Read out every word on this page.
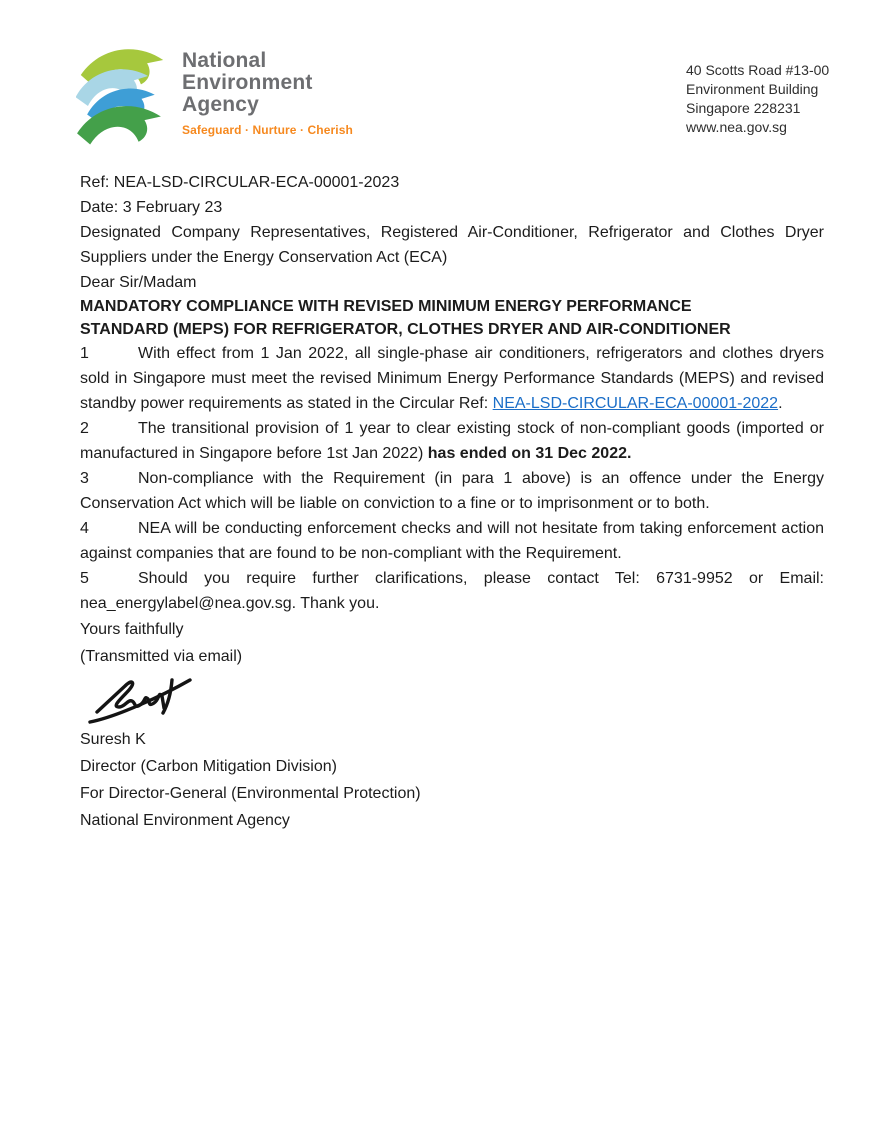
National
Environment
Agency
Safeguard · Nurture · Cherish
40 Scotts Road #13-00
Environment Building
Singapore 228231
www.nea.gov.sg

Ref: NEA-LSD-CIRCULAR-ECA-00001-2023

Date: 3 February 23

Designated Company Representatives, Registered Air-Conditioner, Refrigerator and Clothes Dryer Suppliers under the Energy Conservation Act (ECA)

Dear Sir/Madam

MANDATORY COMPLIANCE WITH REVISED MINIMUM ENERGY PERFORMANCE
STANDARD (MEPS) FOR REFRIGERATOR, CLOTHES DRYER AND AIR-CONDITIONER

1	With effect from 1 Jan 2022, all single-phase air conditioners, refrigerators and clothes dryers sold in Singapore must meet the revised Minimum Energy Performance Standards (MEPS) and revised standby power requirements as stated in the Circular Ref: NEA-LSD-CIRCULAR-ECA-00001-2022.

2	The transitional provision of 1 year to clear existing stock of non-compliant goods (imported or manufactured in Singapore before 1st Jan 2022) has ended on 31 Dec 2022.

3	Non-compliance with the Requirement (in para 1 above) is an offence under the Energy Conservation Act which will be liable on conviction to a fine or to imprisonment or to both.

4	NEA will be conducting enforcement checks and will not hesitate from taking enforcement action against companies that are found to be non-compliant with the Requirement.

5	Should you require further clarifications, please contact Tel: 6731-9952 or Email: nea_energylabel@nea.gov.sg. Thank you.

Yours faithfully
(Transmitted via email)

Suresh K
Director (Carbon Mitigation Division)
For Director-General (Environmental Protection)
National Environment Agency
